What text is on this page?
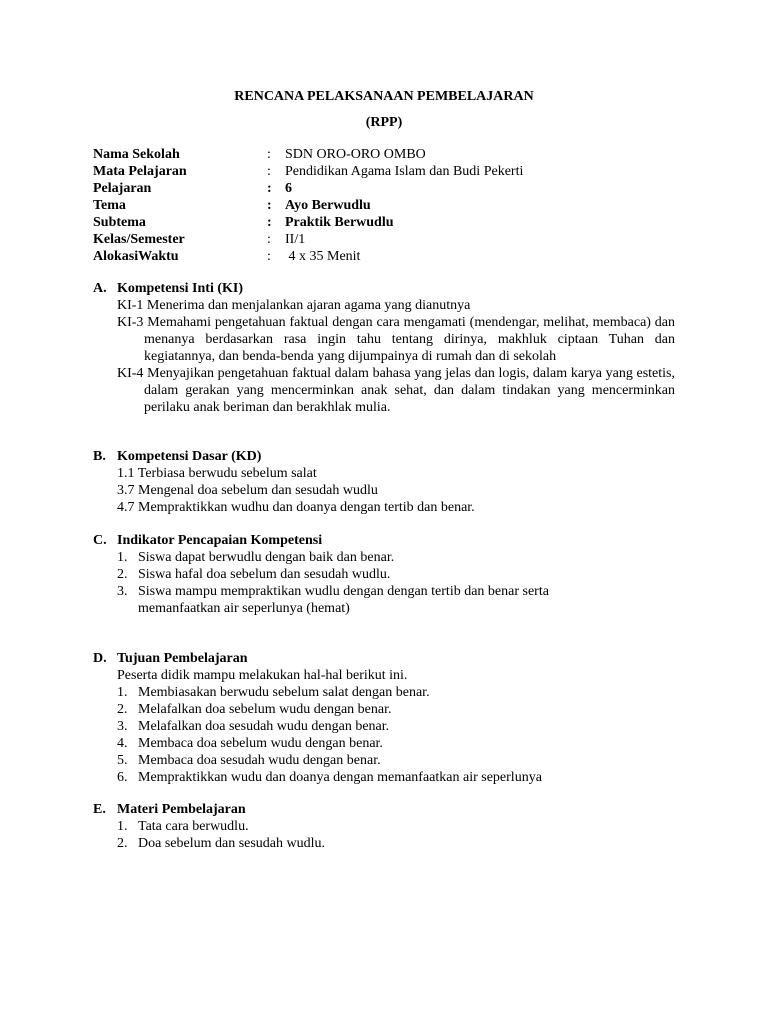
RENCANA PELAKSANAAN PEMBELAJARAN
(RPP)
Nama Sekolah	: SDN ORO-ORO OMBO
Mata Pelajaran	: Pendidikan Agama Islam dan Budi Pekerti
Pelajaran	: 6
Tema	: Ayo Berwudlu
Subtema	: Praktik Berwudlu
Kelas/Semester	: II/1
AlokasiWaktu	: 4 x 35 Menit
A. Kompetensi Inti (KI)
KI-1 Menerima dan menjalankan ajaran agama yang dianutnya
KI-3 Memahami pengetahuan faktual dengan cara mengamati (mendengar, melihat, membaca) dan menanya berdasarkan rasa ingin tahu tentang dirinya, makhluk ciptaan Tuhan dan kegiatannya, dan benda-benda yang dijumpainya di rumah dan di sekolah
KI-4 Menyajikan pengetahuan faktual dalam bahasa yang jelas dan logis, dalam karya yang estetis, dalam gerakan yang mencerminkan anak sehat, dan dalam tindakan yang mencerminkan perilaku anak beriman dan berakhlak mulia.
B. Kompetensi Dasar (KD)
1.1 Terbiasa berwudu sebelum salat
3.7 Mengenal doa sebelum dan sesudah wudlu
4.7 Mempraktikkan wudhu dan doanya dengan tertib dan benar.
C. Indikator Pencapaian Kompetensi
1. Siswa dapat berwudlu dengan baik dan benar.
2. Siswa hafal doa sebelum dan sesudah wudlu.
3. Siswa mampu mempraktikan wudlu dengan dengan tertib dan benar serta
memanfaatkan air seperlunya (hemat)
D. Tujuan Pembelajaran
Peserta didik mampu melakukan hal-hal berikut ini.
1. Membiasakan berwudu sebelum salat dengan benar.
2. Melafalkan doa sebelum wudu dengan benar.
3. Melafalkan doa sesudah wudu dengan benar.
4. Membaca doa sebelum wudu dengan benar.
5. Membaca doa sesudah wudu dengan benar.
6. Mempraktikkan wudu dan doanya dengan memanfaatkan air seperlunya
E. Materi Pembelajaran
1. Tata cara berwudlu.
2. Doa sebelum dan sesudah wudlu.
